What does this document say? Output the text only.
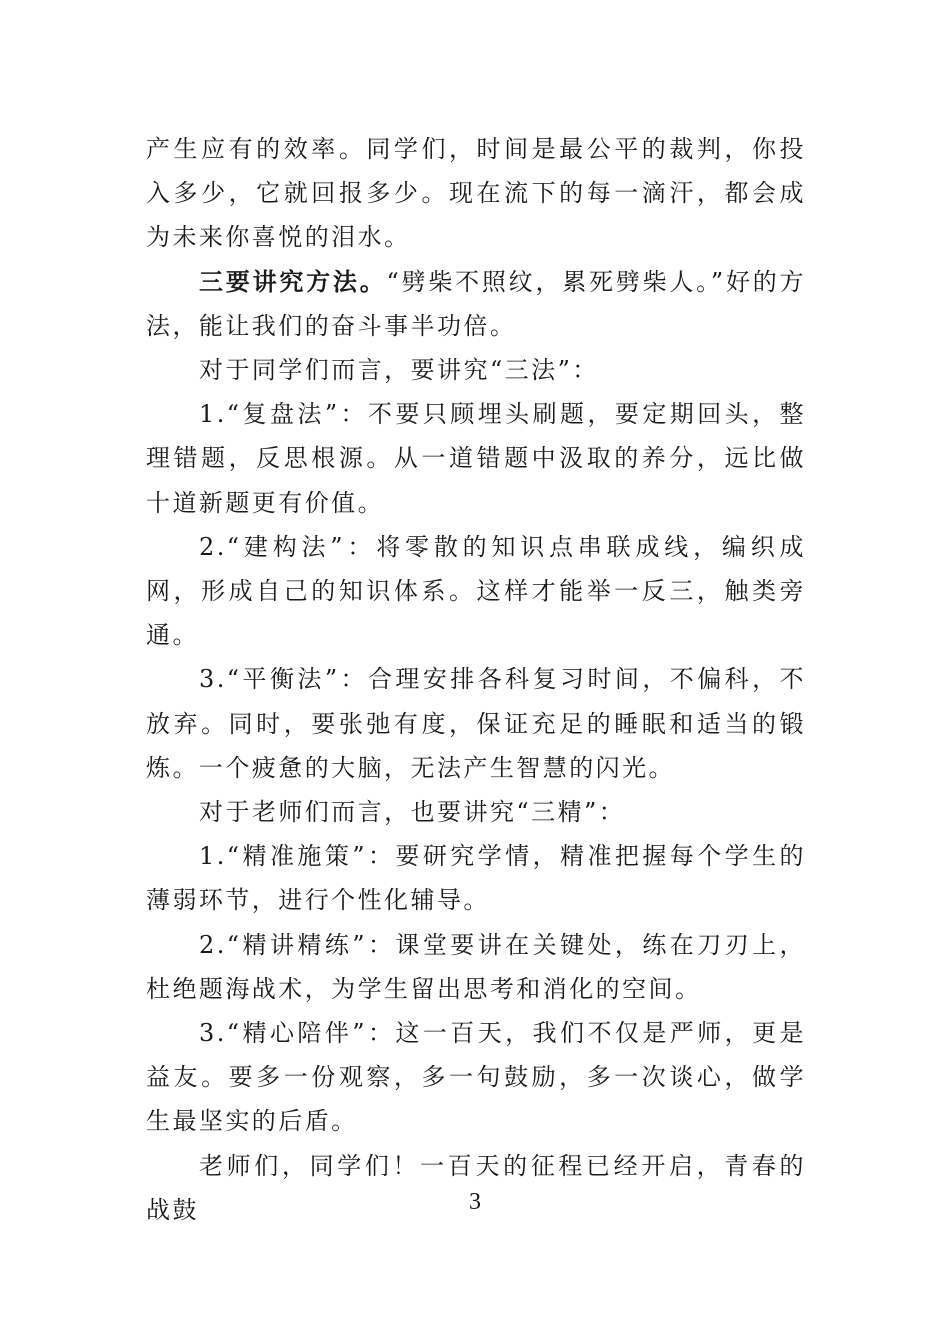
产生应有的效率。同学们，时间是最公平的裁判，你投入多少，它就回报多少。现在流下的每一滴汗，都会成为未来你喜悦的泪水。

三要讲究方法。“劈柴不照纹，累死劈柴人。”好的方法，能让我们的奋斗事半功倍。

对于同学们而言，要讲究“三法”：

1.“复盘法”：不要只顾埋头刷题，要定期回头，整理错题，反思根源。从一道错题中汲取的养分，远比做十道新题更有价值。

2.“建构法”：将零散的知识点串联成线，编织成网，形成自己的知识体系。这样才能举一反三，触类旁通。

3.“平衡法”：合理安排各科复习时间，不偏科，不放弃。同时，要张弛有度，保证充足的睡眠和适当的锻炼。一个疲惫的大脑，无法产生智慧的闪光。

对于老师们而言，也要讲究“三精”：

1.“精准施策”：要研究学情，精准把握每个学生的薄弱环节，进行个性化辅导。

2.“精讲精练”：课堂要讲在关键处，练在刀刃上，杜绝题海战术，为学生留出思考和消化的空间。

3.“精心陪伴”：这一百天，我们不仅是严师，更是益友。要多一份观察，多一句鼓励，多一次谈心，做学生最坚实的后盾。

老师们，同学们！一百天的征程已经开启，青春的战鼓	3
